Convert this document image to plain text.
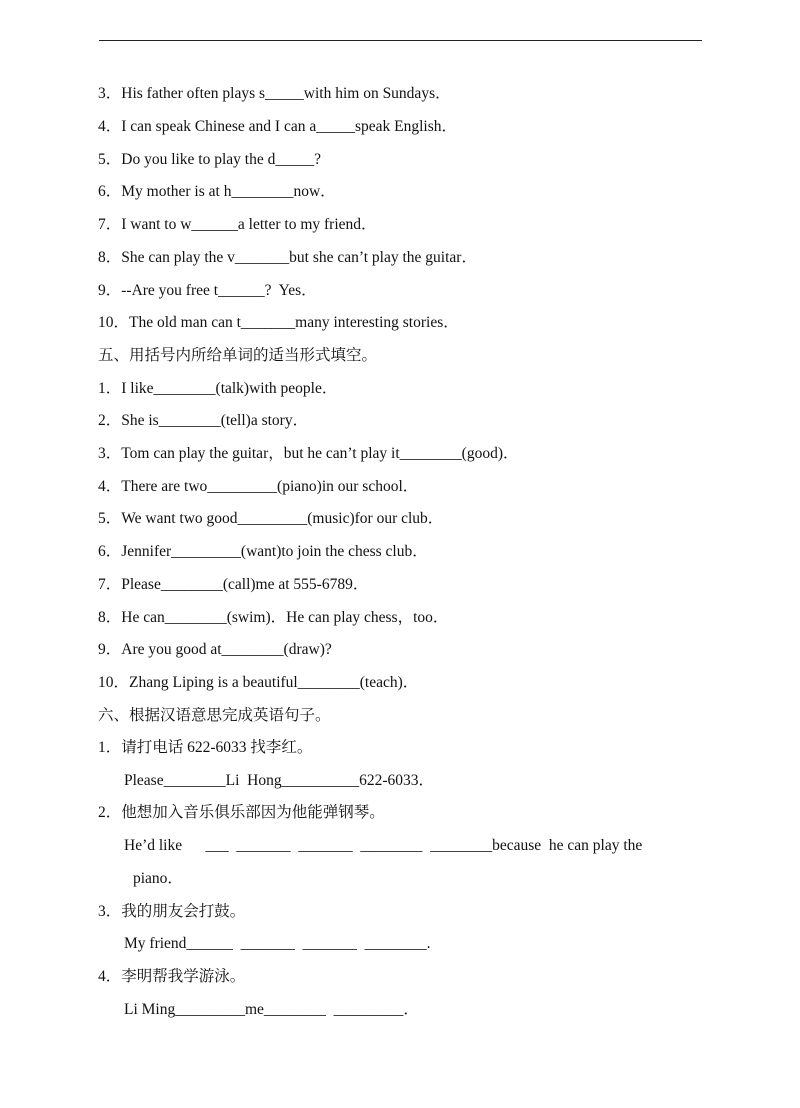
3．His father often plays s_____with him on Sundays．
4．I can speak Chinese and I can a_____speak English．
5．Do you like to play the d_____?
6．My mother is at h________now．
7．I want to w______a letter to my friend．
8．She can play the v_______but she can’t play the guitar．
9．--Are you free t______?  Yes．
10．The old man can t_______many interesting stories．
五、用括号内所给单词的适当形式填空。
1．I like________(talk)with people．
2．She is________(tell)a story．
3．Tom can play the guitar，but he can’t play it________(good)．
4．There are two_________(piano)in our school．
5．We want two good_________(music)for our club．
6．Jennifer_________(want)to join the chess club．
7．Please________(call)me at 555-6789．
8．He can________(swim)．He can play chess，too．
9．Are you good at________(draw)?
10．Zhang Liping is a beautiful________(teach)．
六、根据汉语意思完成英语句子。
1．请打电话 622-6033 找李红。
Please________Li  Hong__________622-6033．
2．他想加入音乐俱乐部因为他能弹钢琴。
He’d like      ___  _______  _______  ________  ________because  he can play the
piano．
3．我的朋友会打鼓。
My friend______  _______  _______  ________.
4．李明帮我学游泳。
Li Ming_________me________  _________．
